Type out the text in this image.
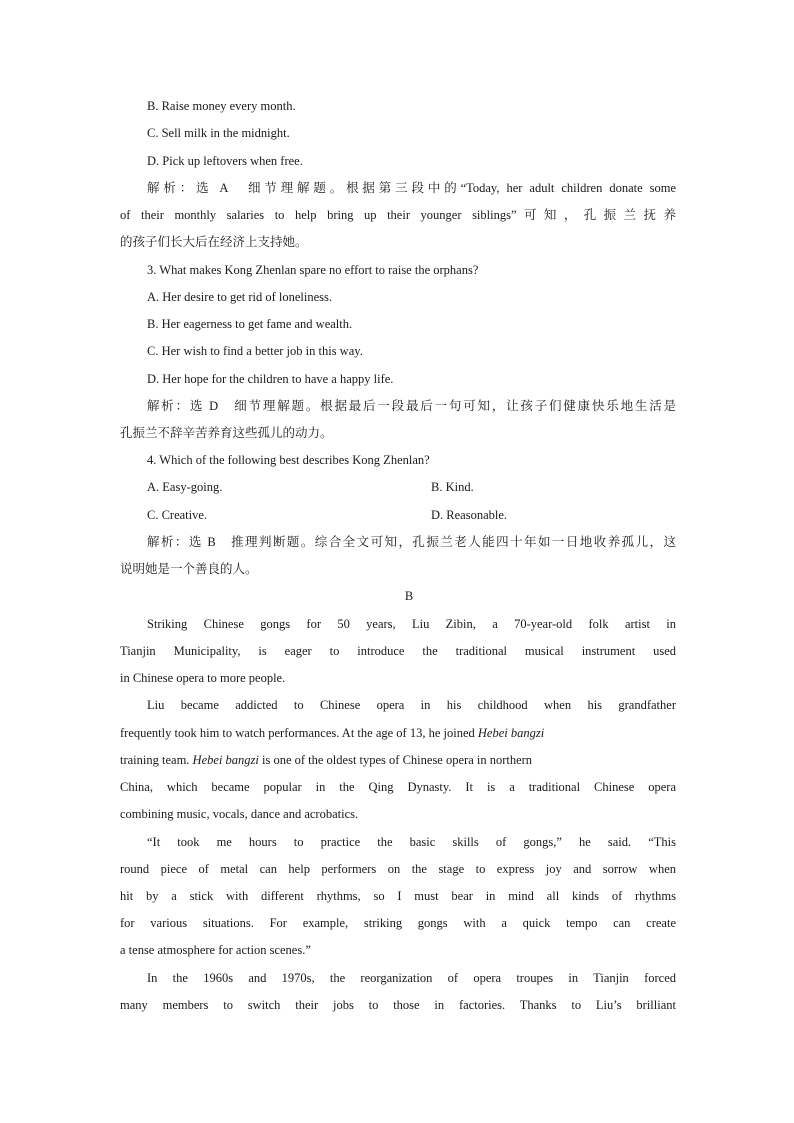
B. Raise money every month.
C. Sell milk in the midnight.
D. Pick up leftovers when free.
解析：选 A　细节理解题。根据第三段中的“Today, her adult children donate some
of their monthly salaries to help bring up their younger siblings”可知，孔振兰抚养
的孩子们长大后在经济上支持她。
3. What makes Kong Zhenlan spare no effort to raise the orphans?
A. Her desire to get rid of loneliness.
B. Her eagerness to get fame and wealth.
C. Her wish to find a better job in this way.
D. Her hope for the children to have a happy life.
解析：选 D　细节理解题。根据最后一段最后一句可知，让孩子们健康快乐地生活是
孔振兰不辞辛苦养育这些孤儿的动力。
4. Which of the following best describes Kong Zhenlan?
A. Easy-going.	B. Kind.
C. Creative.	D. Reasonable.
解析：选 B　推理判断题。综合全文可知，孔振兰老人能四十年如一日地收养孤儿，这
说明她是一个善良的人。
B
Striking Chinese gongs for 50 years, Liu Zibin, a 70-year-old folk artist in
Tianjin Municipality, is eager to introduce the traditional musical instrument used
in Chinese opera to more people.
Liu became addicted to Chinese opera in his childhood when his grandfather
frequently took him to watch performances. At the age of 13, he joined Hebei bangzi
training team. Hebei bangzi is one of the oldest types of Chinese opera in northern
China, which became popular in the Qing Dynasty. It is a traditional Chinese opera
combining music, vocals, dance and acrobatics.
“It took me hours to practice the basic skills of gongs,” he said. “This
round piece of metal can help performers on the stage to express joy and sorrow when
hit by a stick with different rhythms, so I must bear in mind all kinds of rhythms
for various situations. For example, striking gongs with a quick tempo can create
a tense atmosphere for action scenes.”
In the 1960s and 1970s, the reorganization of opera troupes in Tianjin forced
many members to switch their jobs to those in factories. Thanks to Liu’s brilliant
